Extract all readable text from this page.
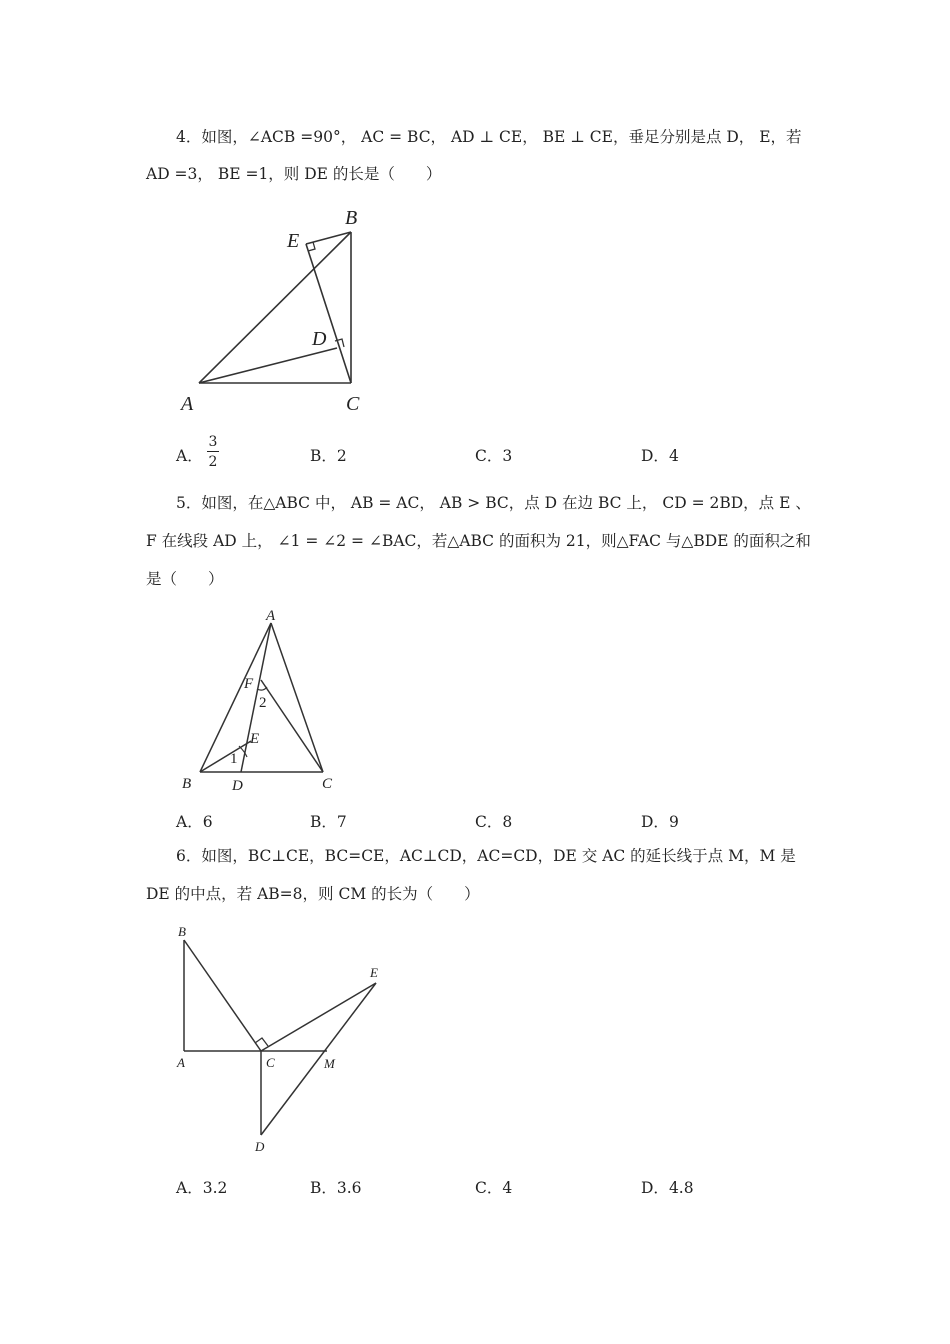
4．如图，∠ACB =90°， AC = BC， AD ⊥ CE， BE ⊥ CE，垂足分别是点 D， E，若
AD =3， BE =1，则 DE 的长是（　　）
A
B
C
D
E
A．
3
2	B．2	C．3	D．4
5．如图，在△ABC 中， AB = AC， AB > BC，点 D 在边 BC 上， CD = 2BD，点 E 、
F 在线段 AD 上， ∠1 = ∠2 = ∠BAC，若△ABC 的面积为 21，则△FAC 与△BDE 的面积之和
是（　　）
A
B	C
D
E
F
1
2
A．6	B．7	C．8	D．9
6．如图，BC⊥CE，BC=CE，AC⊥CD，AC=CD，DE 交 AC 的延长线于点 M，M 是
DE 的中点，若 AB=8，则 CM 的长为（　　）
B
A	C	M
E
D
A．3.2	B．3.6	C．4	D．4.8
